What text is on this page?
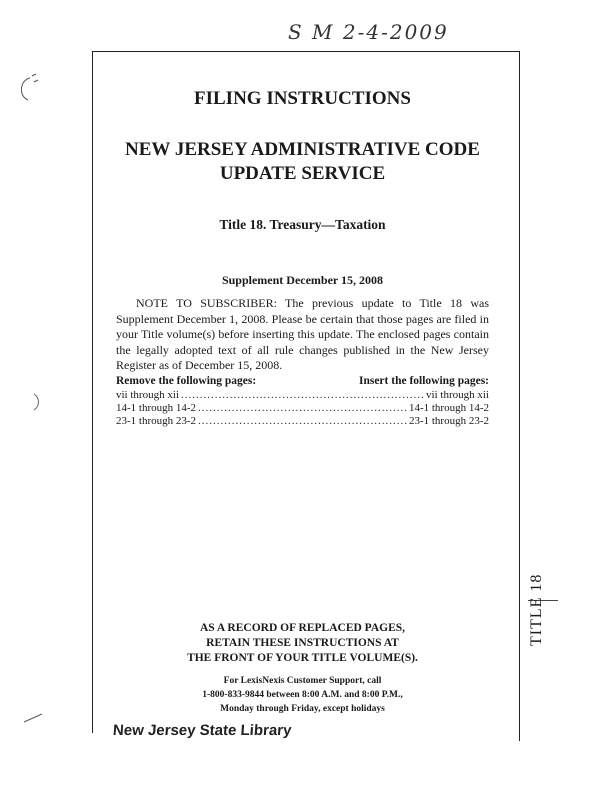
S M 2-4-2009
FILING INSTRUCTIONS
NEW JERSEY ADMINISTRATIVE CODE
UPDATE SERVICE
Title 18. Treasury—Taxation
Supplement December 15, 2008
NOTE TO SUBSCRIBER: The previous update to Title 18 was Supplement December 1, 2008. Please be certain that those pages are filed in your Title volume(s) before inserting this update. The enclosed pages contain the legally adopted text of all rule changes published in the New Jersey Register as of December 15, 2008.
Remove the following pages:	Insert the following pages:
vii through xii .....	vii through xii
14-1 through 14-2 .....	14-1 through 14-2
23-1 through 23-2 .....	23-1 through 23-2
AS A RECORD OF REPLACED PAGES,
RETAIN THESE INSTRUCTIONS AT
THE FRONT OF YOUR TITLE VOLUME(S).
For LexisNexis Customer Support, call
1-800-833-9844 between 8:00 A.M. and 8:00 P.M.,
Monday through Friday, except holidays
TITLE 18
New Jersey State Library
